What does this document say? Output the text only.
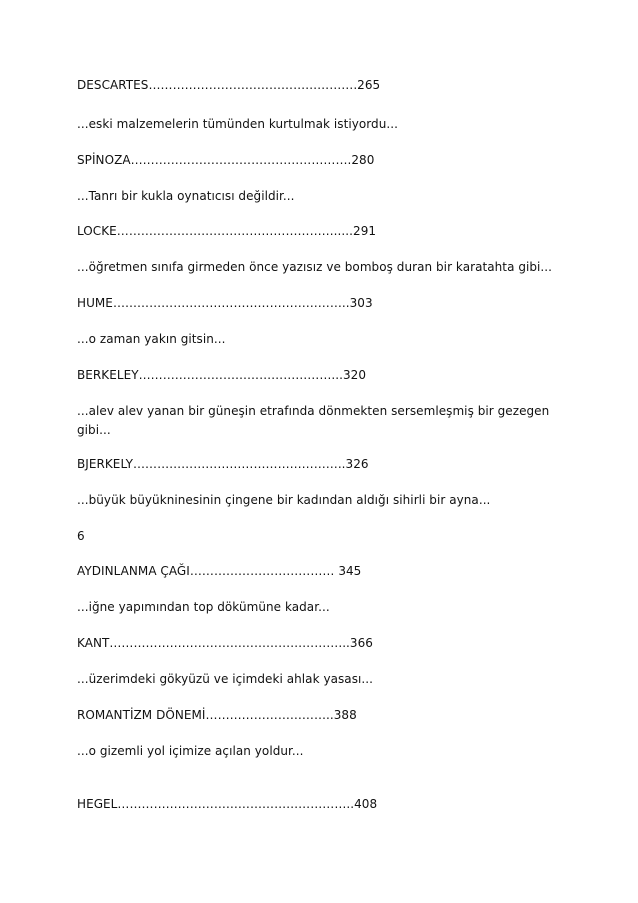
DESCARTES…………………………………………….265
...eski malzemelerin tümünden kurtulmak istiyordu...
SPİNOZA……………………………………………….280
...Tanrı bir kukla oynatıcısı değildir...
LOCKE……………………………………………….....291
...öğretmen sınıfa girmeden önce yazısız ve bomboş duran bir karatahta gibi...
HUME…………………………………………………..303
...o zaman yakın gitsin...
BERKELEY…………………………………………...320
...alev alev yanan bir güneşin etrafında dönmekten sersemleşmiş bir gezegen gibi...
BJERKELY……………………………………………..326
...büyük büyükninesinin çingene bir kadından aldığı sihirli bir ayna...
6
AYDINLANMA ÇAĞI……………………………… 345
...iğne yapımından top dökümüne kadar...
KANT…………………………………………………...366
...üzerimdeki gökyüzü ve içimdeki ahlak yasası...
ROMANTİZM DÖNEMİ…………………………..388
...o gizemli yol içimize açılan yoldur...
HEGEL…………………………………………………..408
